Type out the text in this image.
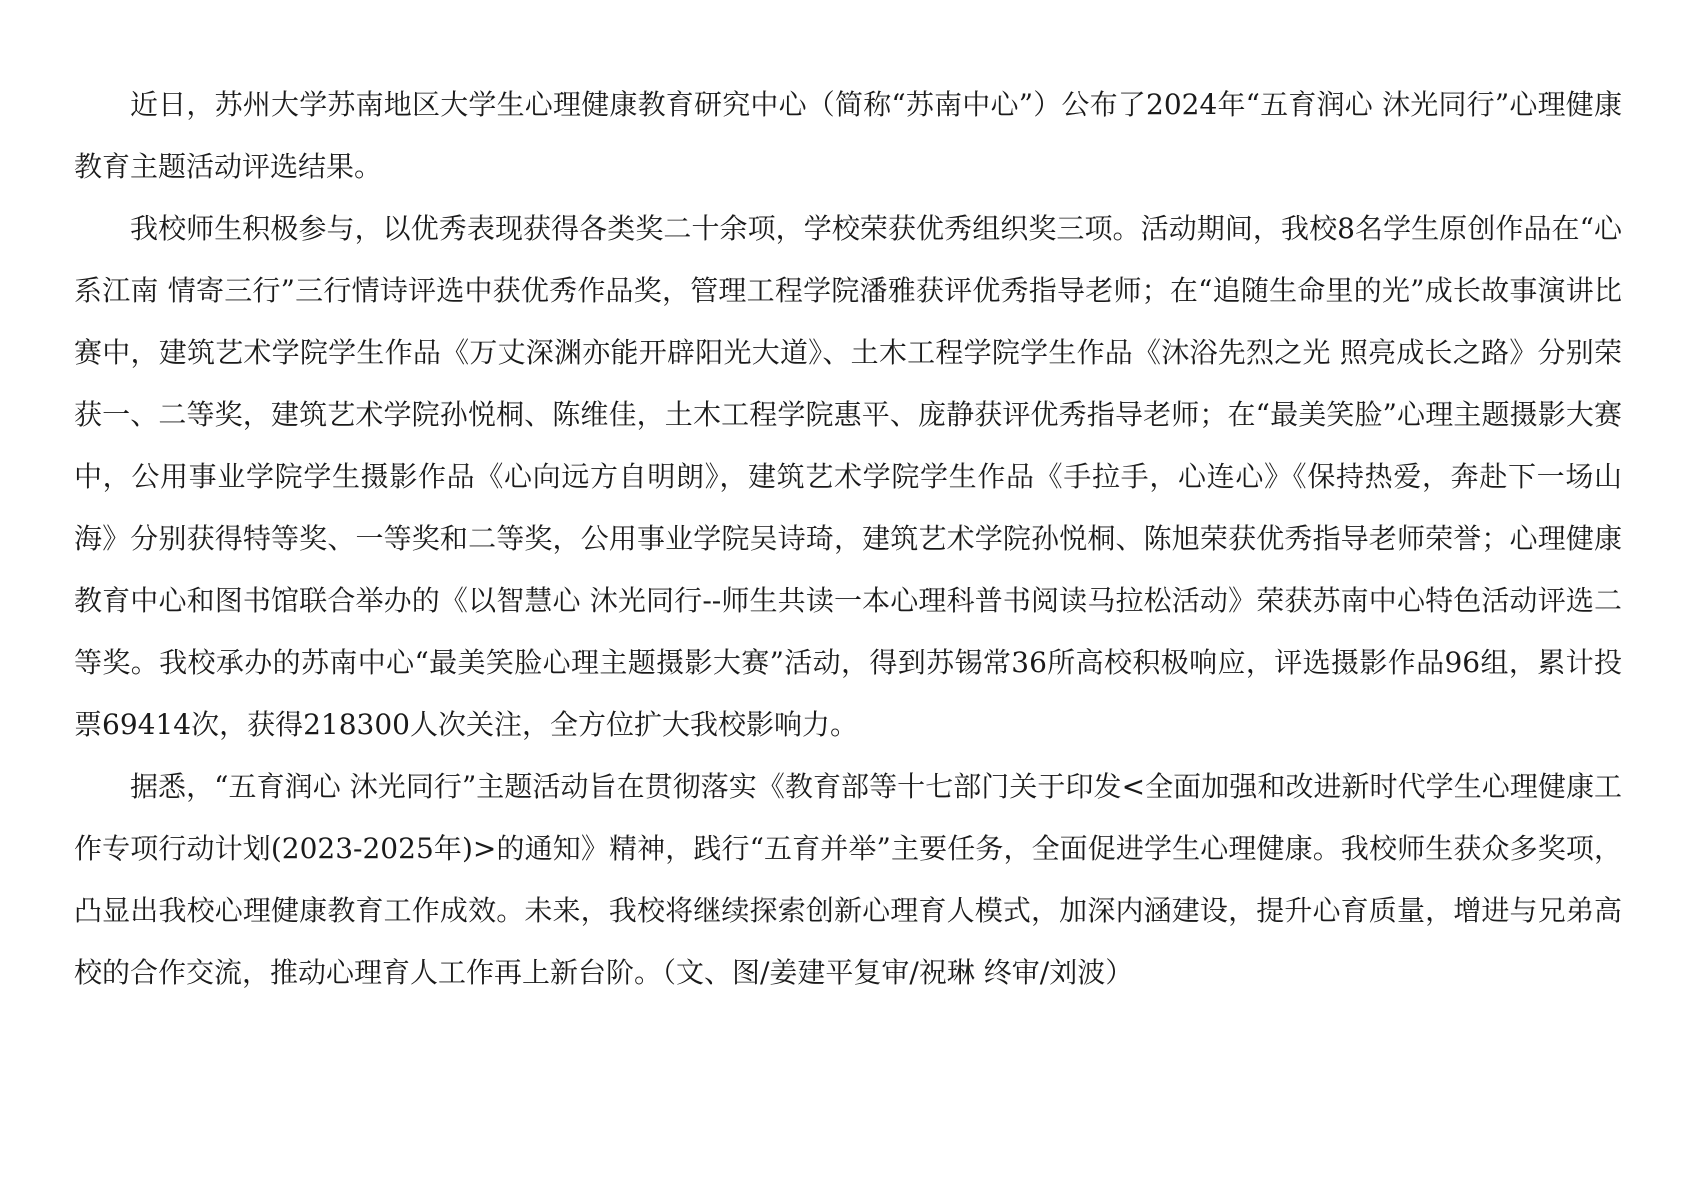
近日，苏州大学苏南地区大学生心理健康教育研究中心（简称“苏南中心”）公布了2024年“五育润心 沐光同行”心理健康教育主题活动评选结果。

我校师生积极参与，以优秀表现获得各类奖二十余项，学校荣获优秀组织奖三项。活动期间，我校8名学生原创作品在“心系江南 情寄三行”三行情诗评选中获优秀作品奖，管理工程学院潘雅获评优秀指导老师；在“追随生命里的光”成长故事演讲比赛中，建筑艺术学院学生作品《万丈深渊亦能开辟阳光大道》、土木工程学院学生作品《沐浴先烈之光 照亮成长之路》分别荣获一、二等奖，建筑艺术学院孙悦桐、陈维佳，土木工程学院惠平、庞静获评优秀指导老师；在“最美笑脸”心理主题摄影大赛中，公用事业学院学生摄影作品《心向远方自明朗》，建筑艺术学院学生作品《手拉手，心连心》《保持热爱，奔赴下一场山海》分别获得特等奖、一等奖和二等奖，公用事业学院吴诗琦，建筑艺术学院孙悦桐、陈旭荣获优秀指导老师荣誉；心理健康教育中心和图书馆联合举办的《以智慧心 沐光同行--师生共读一本心理科普书阅读马拉松活动》荣获苏南中心特色活动评选二等奖。我校承办的苏南中心“最美笑脸心理主题摄影大赛”活动，得到苏锡常36所高校积极响应，评选摄影作品96组，累计投票69414次，获得218300人次关注，全方位扩大我校影响力。

据悉，“五育润心 沐光同行”主题活动旨在贯彻落实《教育部等十七部门关于印发<全面加强和改进新时代学生心理健康工作专项行动计划(2023-2025年)>的通知》精神，践行“五育并举”主要任务，全面促进学生心理健康。我校师生获众多奖项，凸显出我校心理健康教育工作成效。未来，我校将继续探索创新心理育人模式，加深内涵建设，提升心育质量，增进与兄弟高校的合作交流，推动心理育人工作再上新台阶。（文、图/姜建平复审/祝琳 终审/刘波）
